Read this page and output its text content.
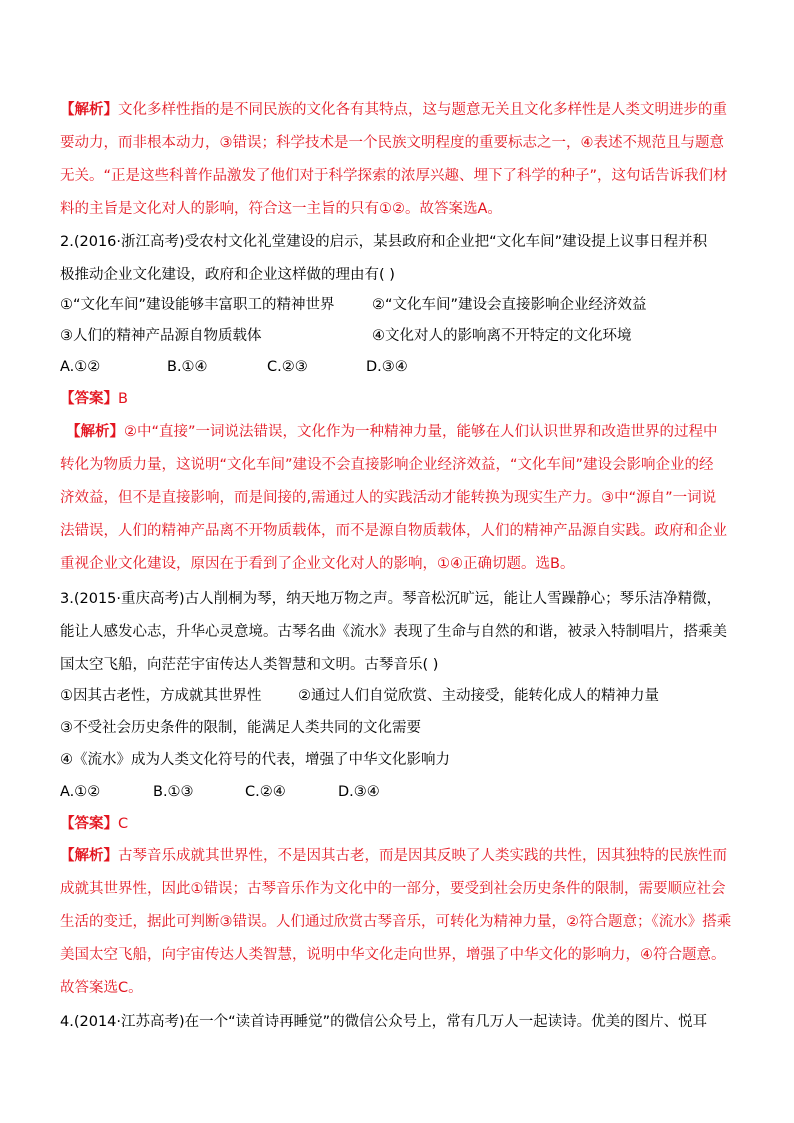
【解析】文化多样性指的是不同民族的文化各有其特点，这与题意无关且文化多样性是人类文明进步的重
要动力，而非根本动力，③错误；科学技术是一个民族文明程度的重要标志之一，④表述不规范且与题意
无关。“正是这些科普作品激发了他们对于科学探索的浓厚兴趣、埋下了科学的种子”，这句话告诉我们材
料的主旨是文化对人的影响，符合这一主旨的只有①②。故答案选A。
2.(2016·浙江高考)受农村文化礼堂建设的启示，某县政府和企业把“文化车间”建设提上议事日程并积
极推动企业文化建设，政府和企业这样做的理由有( )
①“文化车间”建设能够丰富职工的精神世界	②“文化车间”建设会直接影响企业经济效益
③人们的精神产品源自物质载体	④文化对人的影响离不开特定的文化环境
A.①②	B.①④	C.②③	D.③④
【答案】B
【解析】②中“直接”一词说法错误，文化作为一种精神力量，能够在人们认识世界和改造世界的过程中
转化为物质力量，这说明“文化车间”建设不会直接影响企业经济效益，“文化车间”建设会影响企业的经
济效益，但不是直接影响，而是间接的,需通过人的实践活动才能转换为现实生产力。③中“源自”一词说
法错误，人们的精神产品离不开物质载体，而不是源自物质载体，人们的精神产品源自实践。政府和企业
重视企业文化建设，原因在于看到了企业文化对人的影响，①④正确切题。选B。
3.(2015·重庆高考)古人削桐为琴，纳天地万物之声。琴音松沉旷远，能让人雪躁静心；琴乐洁净精微，
能让人感发心志，升华心灵意境。古琴名曲《流水》表现了生命与自然的和谐，被录入特制唱片，搭乘美
国太空飞船，向茫茫宇宙传达人类智慧和文明。古琴音乐( )
①因其古老性，方成就其世界性	②通过人们自觉欣赏、主动接受，能转化成人的精神力量
③不受社会历史条件的限制，能满足人类共同的文化需要
④《流水》成为人类文化符号的代表，增强了中华文化影响力
A.①②	B.①③	C.②④	D.③④
【答案】C
【解析】古琴音乐成就其世界性，不是因其古老，而是因其反映了人类实践的共性，因其独特的民族性而
成就其世界性，因此①错误；古琴音乐作为文化中的一部分，要受到社会历史条件的限制，需要顺应社会
生活的变迁，据此可判断③错误。人们通过欣赏古琴音乐，可转化为精神力量，②符合题意；《流水》搭乘
美国太空飞船，向宇宙传达人类智慧，说明中华文化走向世界，增强了中华文化的影响力，④符合题意。
故答案选C。
4.(2014·江苏高考)在一个“读首诗再睡觉”的微信公众号上，常有几万人一起读诗。优美的图片、悦耳
